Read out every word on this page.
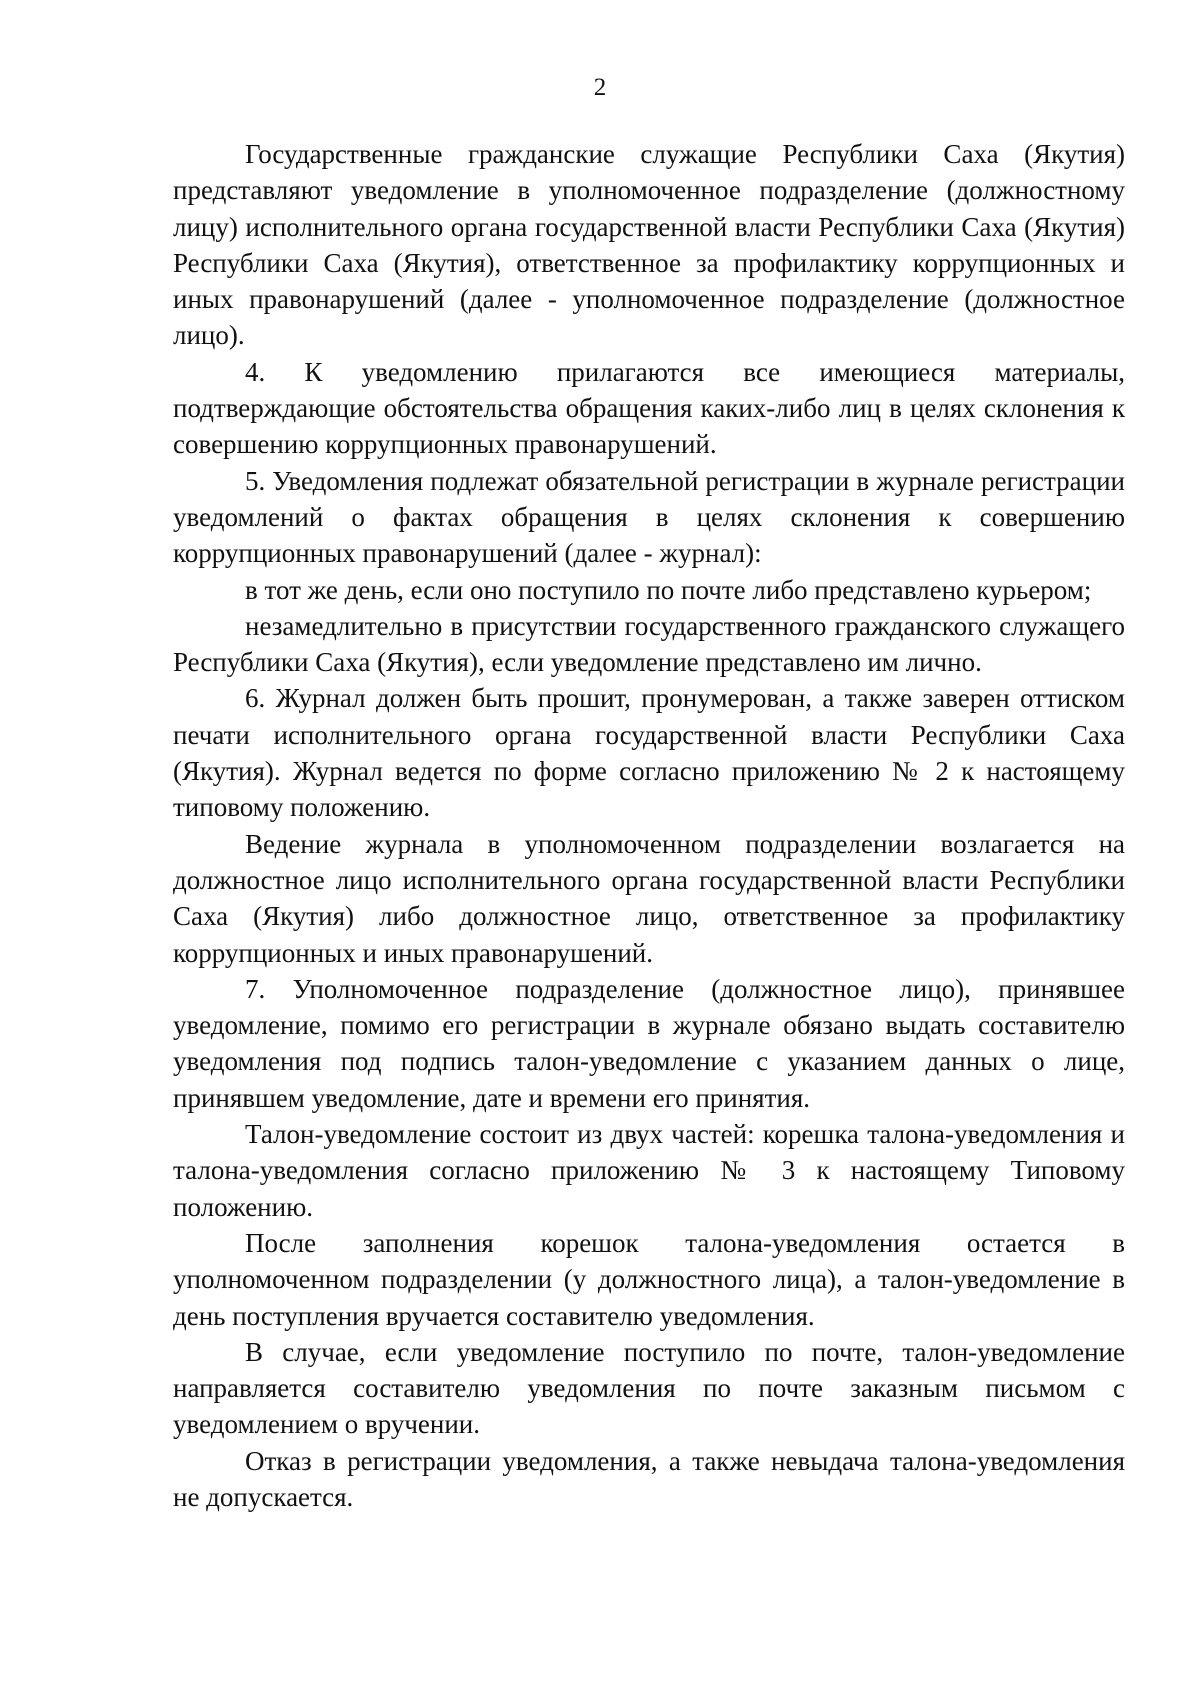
2

Государственные гражданские служащие Республики Саха (Якутия) представляют уведомление в уполномоченное подразделение (должностному лицу) исполнительного органа государственной власти Республики Саха (Якутия) Республики Саха (Якутия), ответственное за профилактику коррупционных и иных правонарушений (далее - уполномоченное подразделение (должностное лицо).

4. К уведомлению прилагаются все имеющиеся материалы, подтверждающие обстоятельства обращения каких-либо лиц в целях склонения к совершению коррупционных правонарушений.

5. Уведомления подлежат обязательной регистрации в журнале регистрации уведомлений о фактах обращения в целях склонения к совершению коррупционных правонарушений (далее - журнал):

в тот же день, если оно поступило по почте либо представлено курьером;

незамедлительно в присутствии государственного гражданского служащего Республики Саха (Якутия), если уведомление представлено им лично.

6. Журнал должен быть прошит, пронумерован, а также заверен оттиском печати исполнительного органа государственной власти Республики Саха (Якутия). Журнал ведется по форме согласно приложению № 2 к настоящему типовому положению.

Ведение журнала в уполномоченном подразделении возлагается на должностное лицо исполнительного органа государственной власти Республики Саха (Якутия) либо должностное лицо, ответственное за профилактику коррупционных и иных правонарушений.

7. Уполномоченное подразделение (должностное лицо), принявшее уведомление, помимо его регистрации в журнале обязано выдать составителю уведомления под подпись талон-уведомление с указанием данных о лице, принявшем уведомление, дате и времени его принятия.

Талон-уведомление состоит из двух частей: корешка талона-уведомления и талона-уведомления согласно приложению № 3 к настоящему Типовому положению.

После заполнения корешок талона-уведомления остается в уполномоченном подразделении (у должностного лица), а талон-уведомление в день поступления вручается составителю уведомления.

В случае, если уведомление поступило по почте, талон-уведомление направляется составителю уведомления по почте заказным письмом с уведомлением о вручении.

Отказ в регистрации уведомления, а также невыдача талона-уведомления не допускается.
